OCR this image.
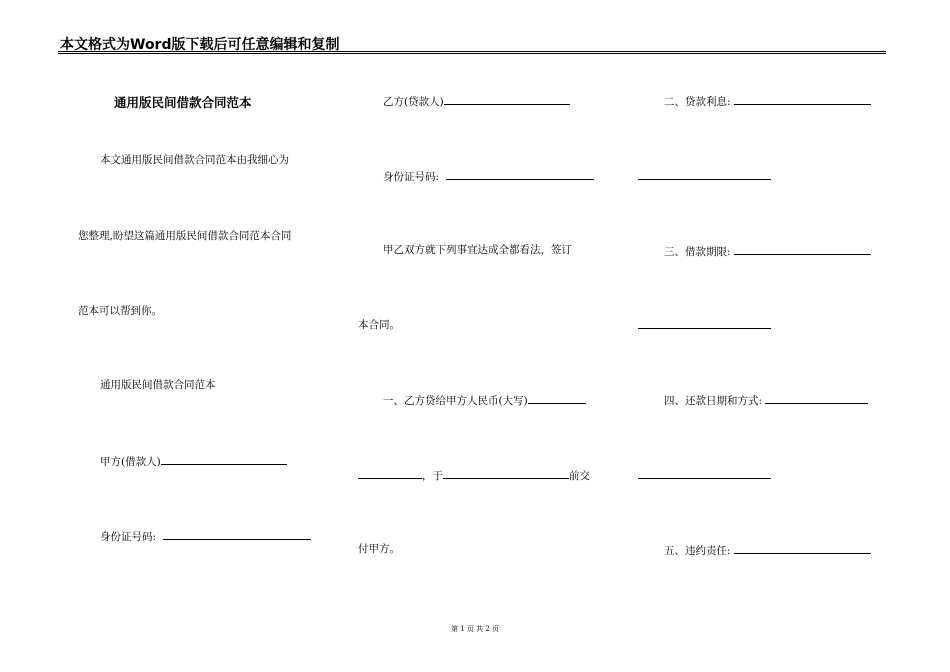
本文格式为Word版下载后可任意编辑和复制
通用版民间借款合同范本
本文通用版民间借款合同范本由我细心为
您整理,盼望这篇通用版民间借款合同范本合同
范本可以帮到你。
通用版民间借款合同范本
甲方(借款人)
身份证号码:
乙方(贷款人)
身份证号码:
甲乙双方就下列事宜达成全都看法，签订
本合同。
一、乙方贷给甲方人民币(大写)
，于	前交
付甲方。
二、贷款利息:
三、借款期限:
四、还款日期和方式:
五、违约责任:
第 1 页 共 2 页
